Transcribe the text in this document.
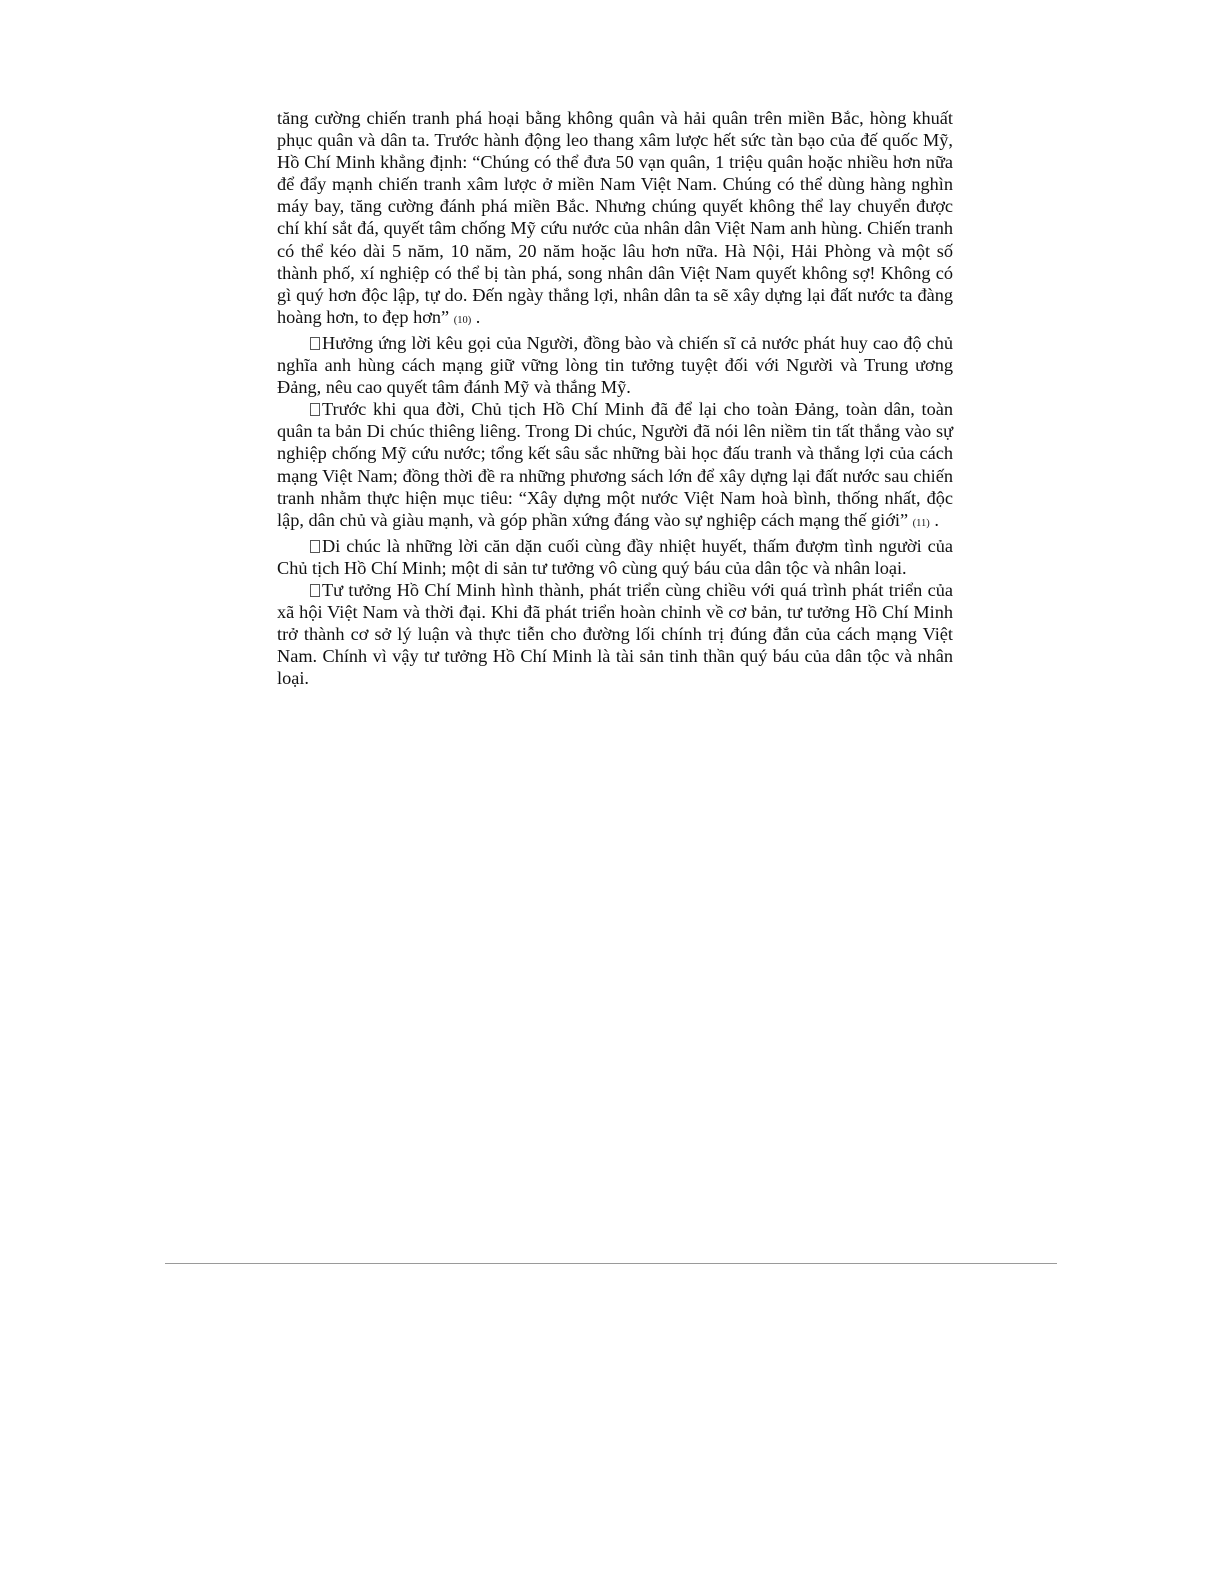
tăng cường chiến tranh phá hoại bằng không quân và hải quân trên miền Bắc, hòng khuất phục quân và dân ta. Trước hành động leo thang xâm lược hết sức tàn bạo của đế quốc Mỹ, Hồ Chí Minh khẳng định: “Chúng có thể đưa 50 vạn quân, 1 triệu quân hoặc nhiều hơn nữa để đẩy mạnh chiến tranh xâm lược ở miền Nam Việt Nam. Chúng có thể dùng hàng nghìn máy bay, tăng cường đánh phá miền Bắc. Nhưng chúng quyết không thể lay chuyển được chí khí sắt đá, quyết tâm chống Mỹ cứu nước của nhân dân Việt Nam anh hùng. Chiến tranh có thể kéo dài 5 năm, 10 năm, 20 năm hoặc lâu hơn nữa. Hà Nội, Hải Phòng và một số thành phố, xí nghiệp có thể bị tàn phá, song nhân dân Việt Nam quyết không sợ! Không có gì quý hơn độc lập, tự do. Đến ngày thắng lợi, nhân dân ta sẽ xây dựng lại đất nước ta đàng hoàng hơn, to đẹp hơn” (10) .

Hưởng ứng lời kêu gọi của Người, đồng bào và chiến sĩ cả nước phát huy cao độ chủ nghĩa anh hùng cách mạng giữ vững lòng tin tưởng tuyệt đối với Người và Trung ương Đảng, nêu cao quyết tâm đánh Mỹ và thắng Mỹ.

Trước khi qua đời, Chủ tịch Hồ Chí Minh đã để lại cho toàn Đảng, toàn dân, toàn quân ta bản Di chúc thiêng liêng. Trong Di chúc, Người đã nói lên niềm tin tất thắng vào sự nghiệp chống Mỹ cứu nước; tổng kết sâu sắc những bài học đấu tranh và thắng lợi của cách mạng Việt Nam; đồng thời đề ra những phương sách lớn để xây dựng lại đất nước sau chiến tranh nhằm thực hiện mục tiêu: “Xây dựng một nước Việt Nam hoà bình, thống nhất, độc lập, dân chủ và giàu mạnh, và góp phần xứng đáng vào sự nghiệp cách mạng thế giới” (11) .

Di chúc là những lời căn dặn cuối cùng đầy nhiệt huyết, thấm đượm tình người của Chủ tịch Hồ Chí Minh; một di sản tư tưởng vô cùng quý báu của dân tộc và nhân loại.

Tư tưởng Hồ Chí Minh hình thành, phát triển cùng chiều với quá trình phát triển của xã hội Việt Nam và thời đại. Khi đã phát triển hoàn chỉnh về cơ bản, tư tưởng Hồ Chí Minh trở thành cơ sở lý luận và thực tiễn cho đường lối chính trị đúng đắn của cách mạng Việt Nam. Chính vì vậy tư tưởng Hồ Chí Minh là tài sản tinh thần quý báu của dân tộc và nhân loại.
